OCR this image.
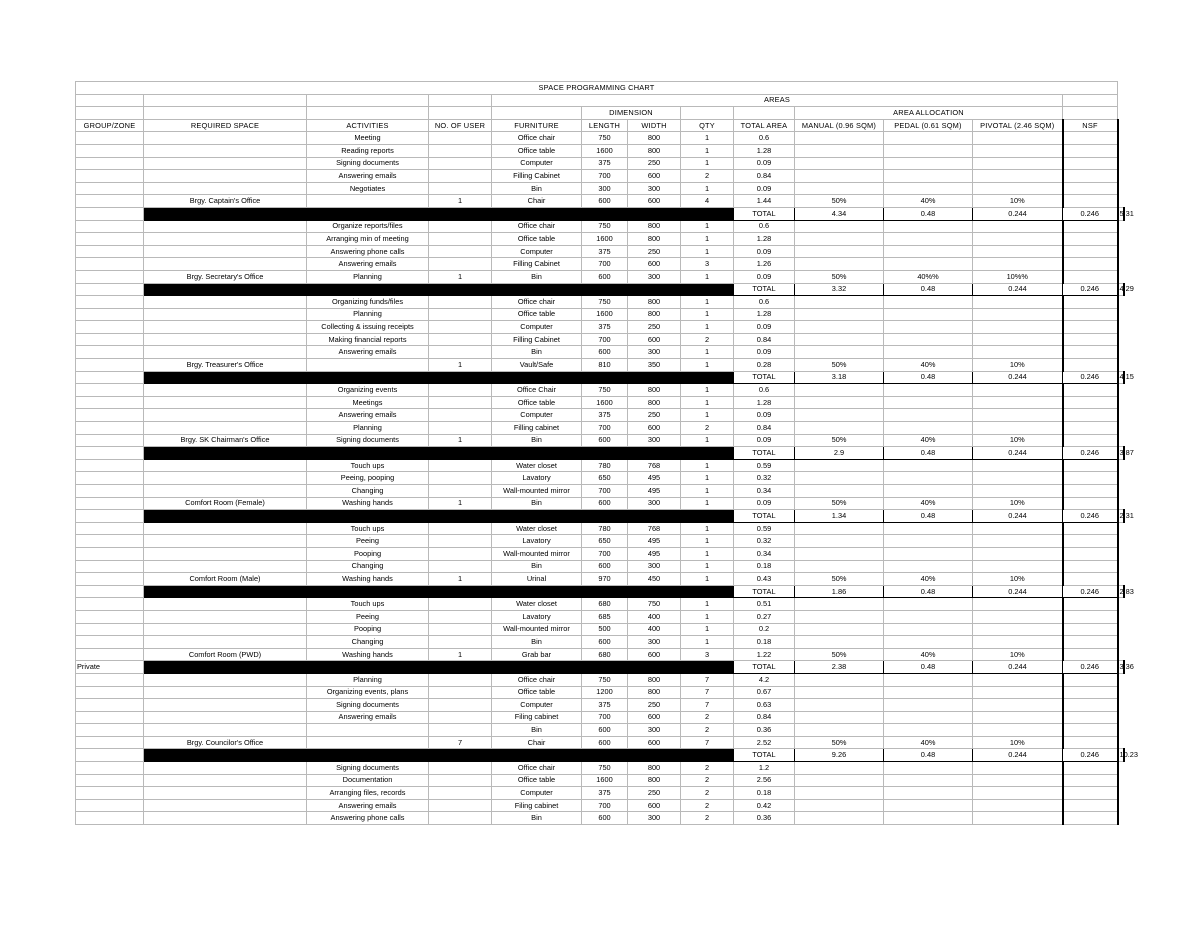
SPACE PROGRAMMING CHART													
				AREAS									
					DIMENSION				AREA ALLOCATION				
GROUP/ZONE	REQUIRED SPACE	ACTIVITIES	NO. OF USER	FURNITURE	LENGTH	WIDTH	QTY	TOTAL AREA	MANUAL (0.96 SQM)	PEDAL (0.61 SQM)	PIVOTAL (2.46 SQM)	NSF	
		Meeting		Office chair	750	800	1	0.6					
		Reading reports		Office table	1600	800	1	1.28					
		Signing documents		Computer	375	250	1	0.09					
		Answering emails		Filling Cabinet	700	600	2	0.84					
		Negotiates		Bin	300	300	1	0.09					
	Brgy. Captain's Office		1	Chair	600	600	4	1.44	50%	40%	10%		
								TOTAL	4.34	0.48	0.244	0.246	5.31
		Organize reports/files		Office chair	750	800	1	0.6					
		Arranging min of meeting		Office table	1600	800	1	1.28					
		Answering phone calls		Computer	375	250	1	0.09					
		Answering emails		Filling Cabinet	700	600	3	1.26					
	Brgy. Secretary's Office	Planning	1	Bin	600	300	1	0.09	50%	40%%	10%%		
								TOTAL	3.32	0.48	0.244	0.246	4.29
		Organizing funds/files		Office chair	750	800	1	0.6					
		Planning		Office table	1600	800	1	1.28					
		Collecting & issuing receipts		Computer	375	250	1	0.09					
		Making financial reports		Filling Cabinet	700	600	2	0.84					
		Answering emails		Bin	600	300	1	0.09					
	Brgy. Treasurer's Office		1	Vault/Safe	810	350	1	0.28	50%	40%	10%		
								TOTAL	3.18	0.48	0.244	0.246	4.15
		Organizing events		Office Chair	750	800	1	0.6					
		Meetings		Office table	1600	800	1	1.28					
		Answering emails		Computer	375	250	1	0.09					
		Planning		Filling cabinet	700	600	2	0.84					
	Brgy. SK Chairman's Office	Signing documents	1	Bin	600	300	1	0.09	50%	40%	10%		
								TOTAL	2.9	0.48	0.244	0.246	3.87
		Touch ups		Water closet	780	768	1	0.59					
		Peeing, pooping		Lavatory	650	495	1	0.32					
		Changing		Wall-mounted mirror	700	495	1	0.34					
	Comfort Room (Female)	Washing hands	1	Bin	600	300	1	0.09	50%	40%	10%		
								TOTAL	1.34	0.48	0.244	0.246	2.31
		Touch ups		Water closet	780	768	1	0.59					
		Peeing		Lavatory	650	495	1	0.32					
		Pooping		Wall-mounted mirror	700	495	1	0.34					
		Changing		Bin	600	300	1	0.18					
	Comfort Room (Male)	Washing hands	1	Urinal	970	450	1	0.43	50%	40%	10%		
								TOTAL	1.86	0.48	0.244	0.246	2.83
		Touch ups		Water closet	680	750	1	0.51					
		Peeing		Lavatory	685	400	1	0.27					
		Pooping		Wall-mounted mirror	500	400	1	0.2					
		Changing		Bin	600	300	1	0.18					
	Comfort Room (PWD)	Washing hands	1	Grab bar	680	600	3	1.22	50%	40%	10%		
Private								TOTAL	2.38	0.48	0.244	0.246	3.36
		Planning		Office chair	750	800	7	4.2					
		Organizing events, plans		Office table	1200	800	7	0.67					
		Signing documents		Computer	375	250	7	0.63					
		Answering emails		Filing cabinet	700	600	2	0.84					
				Bin	600	300	2	0.36					
	Brgy. Councilor's Office		7	Chair	600	600	7	2.52	50%	40%	10%		
								TOTAL	9.26	0.48	0.244	0.246	10.23
		Signing documents		Office chair	750	800	2	1.2					
		Documentation		Office table	1600	800	2	2.56					
		Arranging files, records		Computer	375	250	2	0.18					
		Answering emails		Filing cabinet	700	600	2	0.42					
		Answering phone calls		Bin	600	300	2	0.36					
